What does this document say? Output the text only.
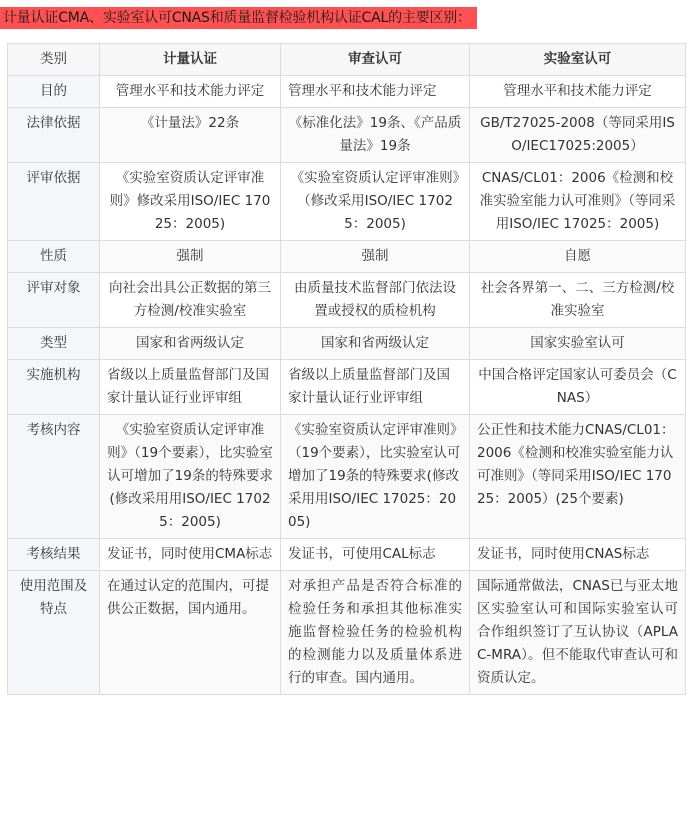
计量认证CMA、实验室认可CNAS和质量监督检验机构认证CAL的主要区别：
类别	计量认证	审查认可	实验室认可
目的	管理水平和技术能力评定	管理水平和技术能力评定	管理水平和技术能力评定
法律依据	《计量法》22条	《标准化法》19条、《产品质量法》19条	GB/T27025-2008（等同采用ISO/IEC17025:2005）
评审依据	《实验室资质认定评审准则》修改采用ISO/IEC 17025：2005)	《实验室资质认定评审准则》（修改采用ISO/IEC 17025：2005)	CNAS/CL01：2006《检测和校准实验室能力认可准则》（等同采用ISO/IEC 17025：2005)
性质	强制	强制	自愿
评审对象	向社会出具公正数据的第三方检测/校准实验室	由质量技术监督部门依法设置或授权的质检机构	社会各界第一、二、三方检测/校准实验室
类型	国家和省两级认定	国家和省两级认定	国家实验室认可
实施机构	省级以上质量监督部门及国家计量认证行业评审组	省级以上质量监督部门及国家计量认证行业评审组	中国合格评定国家认可委员会（CNAS）
考核内容	《实验室资质认定评审准则》（19个要素），比实验室认可增加了19条的特殊要求(修改采用用ISO/IEC 17025：2005)	《实验室资质认定评审准则》（19个要素），比实验室认可增加了19条的特殊要求(修改采用用ISO/IEC 17025：2005)	公正性和技术能力CNAS/CL01：2006《检测和校准实验室能力认可准则》（等同采用ISO/IEC 17025：2005）(25个要素)
考核结果	发证书，同时使用CMA标志	发证书，可使用CAL标志	发证书，同时使用CNAS标志
使用范围及特点	在通过认定的范围内，可提供公正数据，国内通用。	对承担产品是否符合标准的检验任务和承担其他标准实施监督检验任务的检验机构的检测能力以及质量体系进行的审查。国内通用。	国际通常做法，CNAS已与亚太地区实验室认可和国际实验室认可合作组织签订了互认协议（APLAC-MRA）。但不能取代审查认可和资质认定。
